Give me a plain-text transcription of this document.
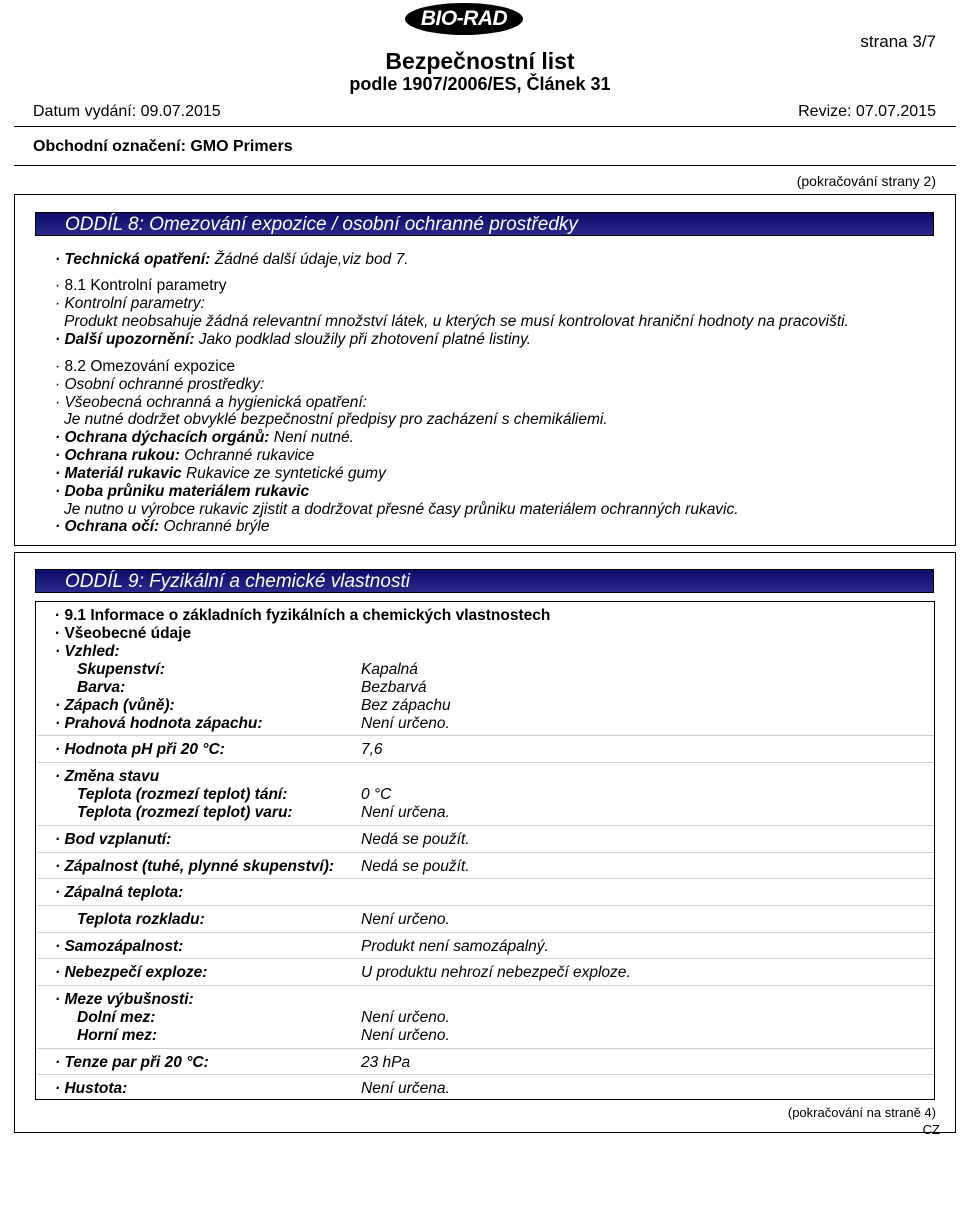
BIO-RAD
strana 3/7
Bezpečnostní list
podle 1907/2006/ES, Článek 31
Datum vydání: 09.07.2015	Revize: 07.07.2015
Obchodní označení: GMO Primers
(pokračování strany 2)
ODDÍL 8: Omezování expozice / osobní ochranné prostředky
· Technická opatření: Žádné další údaje,viz bod 7.
· 8.1 Kontrolní parametry
· Kontrolní parametry:
Produkt neobsahuje žádná relevantní množství látek, u kterých se musí kontrolovat hraniční hodnoty na pracovišti.
· Další upozornění: Jako podklad sloužily při zhotovení platné listiny.
· 8.2 Omezování expozice
· Osobní ochranné prostředky:
· Všeobecná ochranná a hygienická opatření:
Je nutné dodržet obvyklé bezpečnostní předpisy pro zacházení s chemikáliemi.
· Ochrana dýchacích orgánů: Není nutné.
· Ochrana rukou: Ochranné rukavice
· Materiál rukavic Rukavice ze syntetické gumy
· Doba průniku materiálem rukavic
Je nutno u výrobce rukavic zjistit a dodržovat přesné časy průniku materiálem ochranných rukavic.
· Ochrana očí: Ochranné brýle
ODDÍL 9: Fyzikální a chemické vlastnosti
· 9.1 Informace o základních fyzikálních a chemických vlastnostech
· Všeobecné údaje
· Vzhled:
Skupenství:	Kapalná
Barva:	Bezbarvá
· Zápach (vůně):	Bez zápachu
· Prahová hodnota zápachu:	Není určeno.
· Hodnota pH při 20 °C:	7,6
· Změna stavu
Teplota (rozmezí teplot) tání:	0 °C
Teplota (rozmezí teplot) varu:	Není určena.
· Bod vzplanutí:	Nedá se použít.
· Zápalnost (tuhé, plynné skupenství): Nedá se použít.
· Zápalná teplota:
Teplota rozkladu:	Není určeno.
· Samozápalnost:	Produkt není samozápalný.
· Nebezpečí exploze:	U produktu nehrozí nebezpečí exploze.
· Meze výbušnosti:
Dolní mez:	Není určeno.
Horní mez:	Není určeno.
· Tenze par při 20 °C:	23 hPa
· Hustota:	Není určena.
(pokračování na straně 4)
CZ
